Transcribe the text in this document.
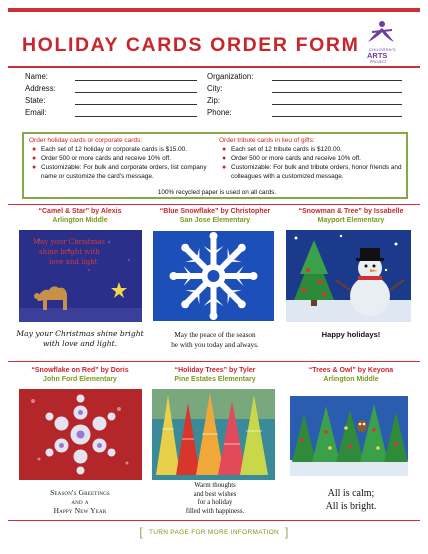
HOLIDAY CARDS ORDER FORM CHILDREN'S
ARTS
PROJECT
Name:
Address:
State:
Email:
Organization:
City:
Zip:
Phone:
Order holiday cards or corporate cards:
● Each set of 12 holiday or corporate cards is $15.00.
● Order 500 or more cards and receive 10% off.
● Customizable: For bulk and corporate orders, list company name or customize the card's message.
Order tribute cards in lieu of gifts:
● Each set of 12 tribute cards is $120.00.
● Order 500 or more cards and receive 10% off.
● Customizable: For bulk and tribute orders, honor friends and colleagues with a customized message.
100% recycled paper is used on all cards.
“Camel & Star” by Alexis
Arlington Middle
“Blue Snowflake” by Christopher
San Jose Elementary
“Snowman & Tree” by Issabelle
Mayport Elementary
May your Christmas
shine bright with
love and light
May your Christmas shine bright
with love and light.
May the peace of the season
be with you today and always.
Happy holidays!
“Snowflake on Red” by Doris
John Ford Elementary
“Holiday Trees” by Tyler
Pine Estates Elementary
“Trees & Owl” by Keyona
Arlington Middle
Season's Greetings
and a
Happy New Year
Warm thoughts
and best wishes
for a holiday
filled with happiness.
All is calm;
All is bright.
[ TURN PAGE FOR MORE INFORMATION ]
